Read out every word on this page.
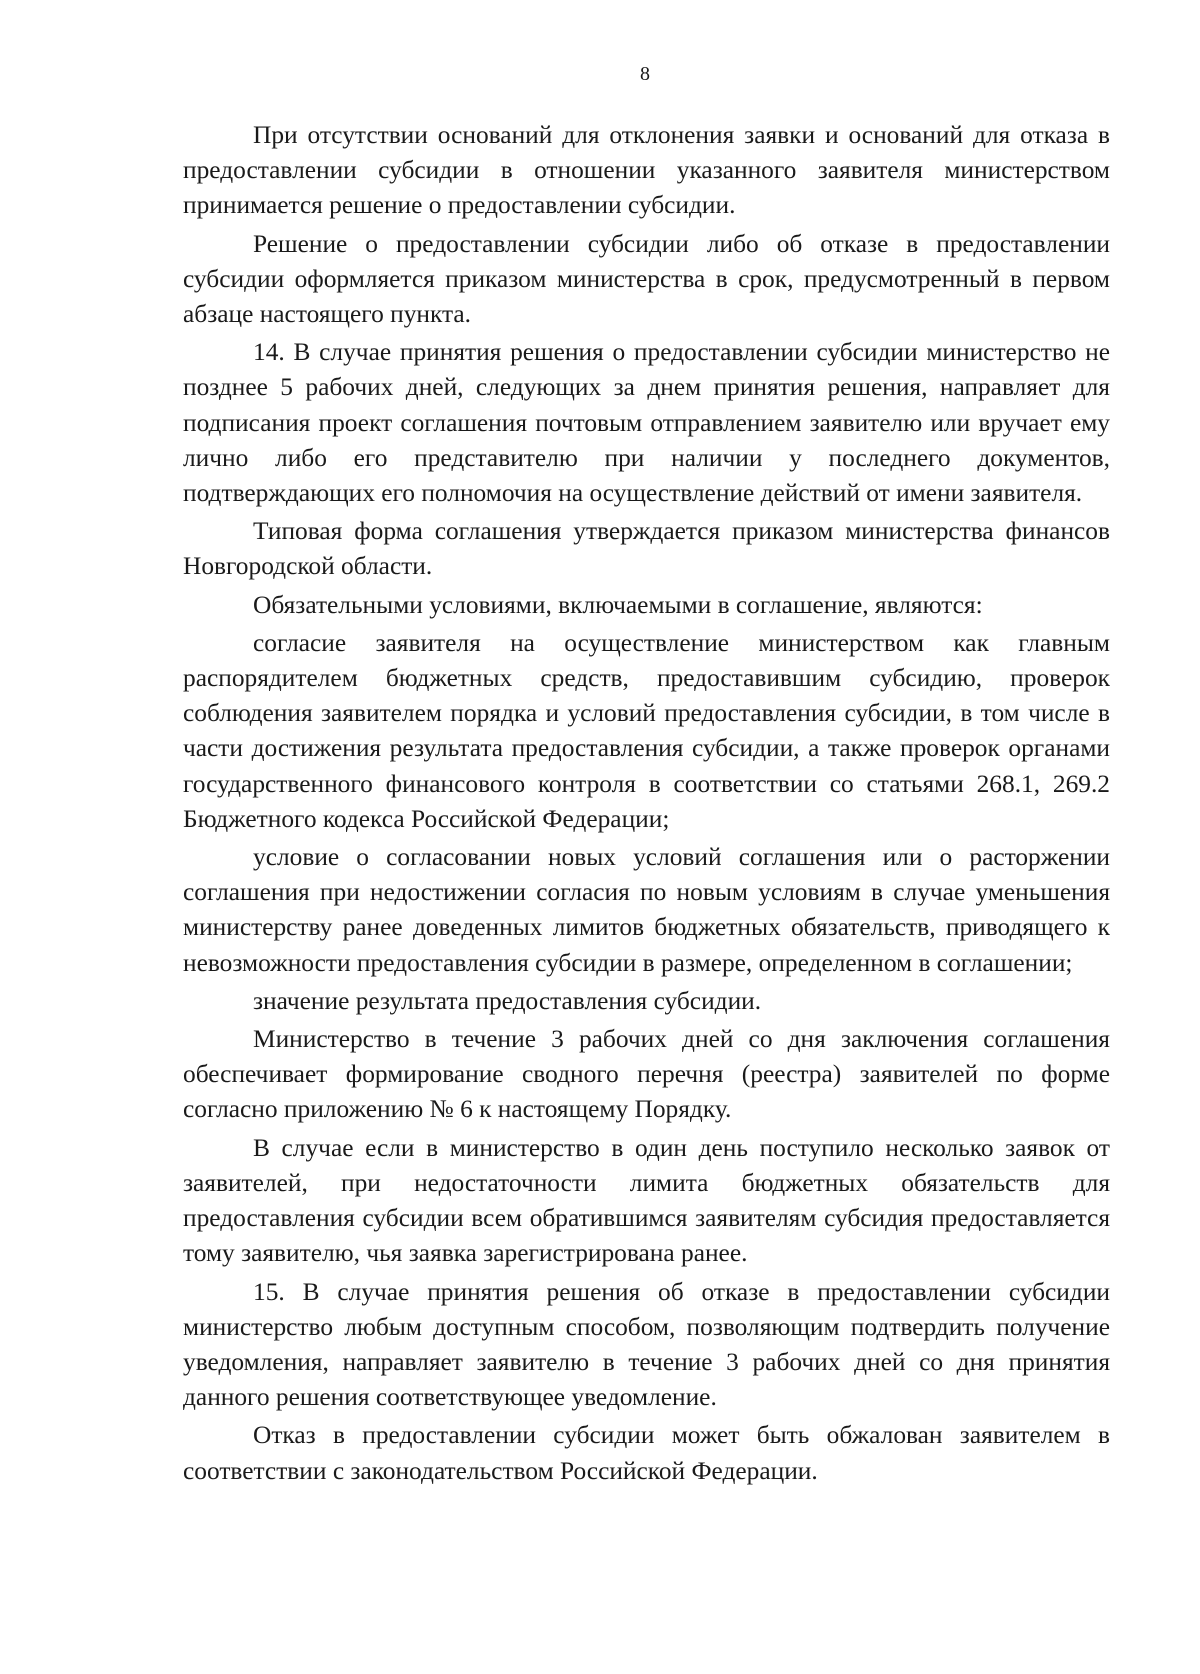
8

При отсутствии оснований для отклонения заявки и оснований для отказа в предоставлении субсидии в отношении указанного заявителя министерством принимается решение о предоставлении субсидии.

Решение о предоставлении субсидии либо об отказе в предоставлении субсидии оформляется приказом министерства в срок, предусмотренный в первом абзаце настоящего пункта.

14. В случае принятия решения о предоставлении субсидии министерство не позднее 5 рабочих дней, следующих за днем принятия решения, направляет для подписания проект соглашения почтовым отправлением заявителю или вручает ему лично либо его представителю при наличии у последнего документов, подтверждающих его полномочия на осуществление действий от имени заявителя.

Типовая форма соглашения утверждается приказом министерства финансов Новгородской области.

Обязательными условиями, включаемыми в соглашение, являются:

согласие заявителя на осуществление министерством как главным распорядителем бюджетных средств, предоставившим субсидию, проверок соблюдения заявителем порядка и условий предоставления субсидии, в том числе в части достижения результата предоставления субсидии, а также проверок органами государственного финансового контроля в соответствии со статьями 268.1, 269.2 Бюджетного кодекса Российской Федерации;

условие о согласовании новых условий соглашения или о расторжении соглашения при недостижении согласия по новым условиям в случае уменьшения министерству ранее доведенных лимитов бюджетных обязательств, приводящего к невозможности предоставления субсидии в размере, определенном в соглашении;

значение результата предоставления субсидии.

Министерство в течение 3 рабочих дней со дня заключения соглашения обеспечивает формирование сводного перечня (реестра) заявителей по форме согласно приложению № 6 к настоящему Порядку.

В случае если в министерство в один день поступило несколько заявок от заявителей, при недостаточности лимита бюджетных обязательств для предоставления субсидии всем обратившимся заявителям субсидия предоставляется тому заявителю, чья заявка зарегистрирована ранее.

15. В случае принятия решения об отказе в предоставлении субсидии министерство любым доступным способом, позволяющим подтвердить получение уведомления, направляет заявителю в течение 3 рабочих дней со дня принятия данного решения соответствующее уведомление.

Отказ в предоставлении субсидии может быть обжалован заявителем в соответствии с законодательством Российской Федерации.
